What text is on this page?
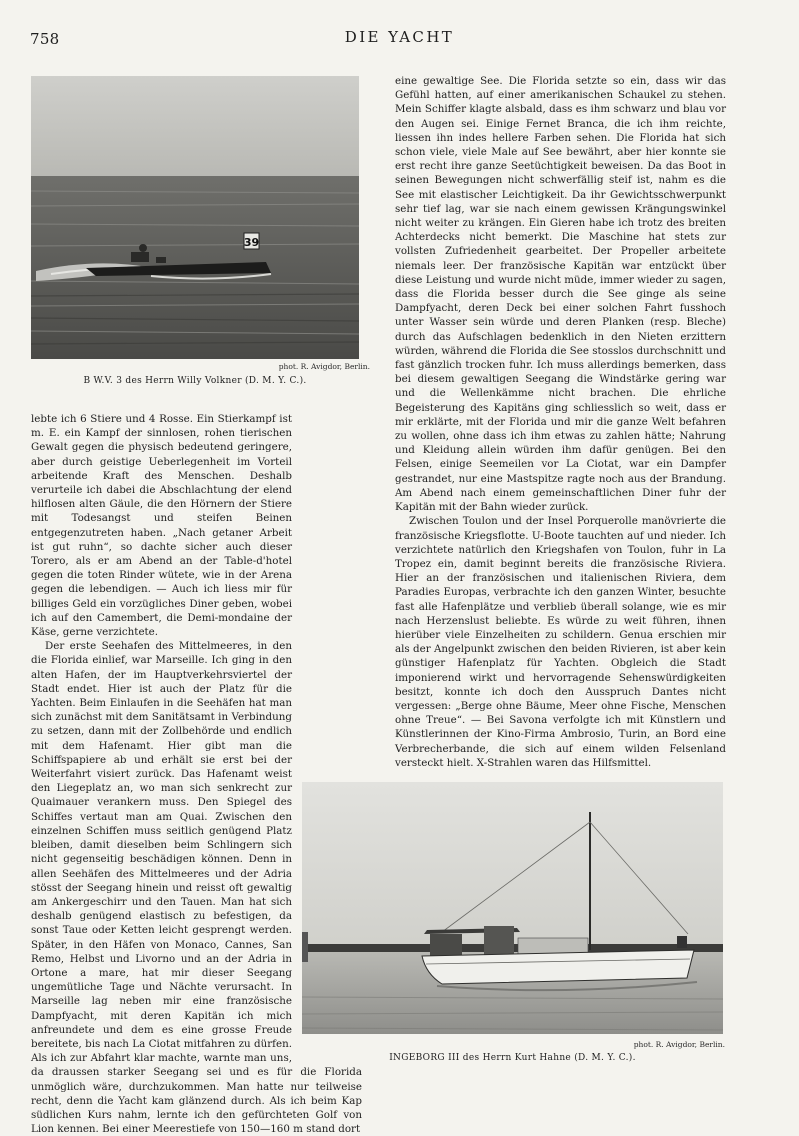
758	DIE YACHT
39
phot. R. Avigdor, Berlin.
B W.V. 3 des Herrn Willy Volkner (D. M. Y. C.).

lebte ich 6 Stiere und 4 Rosse. Ein Stierkampf ist m. E. ein Kampf der sinnlosen, rohen tierischen Gewalt gegen die physisch bedeutend geringere, aber durch geistige Ueberlegenheit im Vorteil arbeitende Kraft des Menschen. Deshalb verurteile ich dabei die Abschlachtung der elend hilflosen alten Gäule, die den Hörnern der Stiere mit Todesangst und steifen Beinen entgegenzutreten haben. „Nach getaner Arbeit ist gut ruhn“, so dachte sicher auch dieser Torero, als er am Abend an der Table-d'hotel gegen die toten Rinder wütete, wie in der Arena gegen die lebendigen. — Auch ich liess mir für billiges Geld ein vorzügliches Diner geben, wobei ich auf den Camembert, die Demi-mondaine der Käse, gerne verzichtete.

Der erste Seehafen des Mittelmeeres, in den die Florida einlief, war Marseille. Ich ging in den alten Hafen, der im Hauptverkehrsviertel der Stadt endet. Hier ist auch der Platz für die Yachten. Beim Einlaufen in die Seehäfen hat man sich zunächst mit dem Sanitätsamt in Verbindung zu setzen, dann mit der Zollbehörde und endlich mit dem Hafenamt. Hier gibt man die Schiffspapiere ab und erhält sie erst bei der Weiterfahrt visiert zurück. Das Hafenamt weist den Liegeplatz an, wo man sich senkrecht zur Quaimauer verankern muss. Den Spiegel des Schiffes vertaut man am Quai. Zwischen den einzelnen Schiffen muss seitlich genügend Platz bleiben, damit dieselben beim Schlingern sich nicht gegenseitig beschädigen können. Denn in allen Seehäfen des Mittelmeeres und der Adria stösst der Seegang hinein und reisst oft gewaltig am Ankergeschirr und den Tauen. Man hat sich deshalb genügend elastisch zu befestigen, da sonst Taue oder Ketten leicht gesprengt werden. Später, in den Häfen von Monaco, Cannes, San Remo, Helbst und Livorno und an der Adria in Ortone a mare, hat mir dieser Seegang ungemütliche Tage und Nächte verursacht. In Marseille lag neben mir eine französische Dampfyacht, mit deren Kapitän ich mich anfreundete und dem es eine grosse Freude bereitete, bis nach La Ciotat mitfahren zu dürfen. Als ich zur Abfahrt klar machte, warnte man uns, da draussen starker Seegang sei und es für die Florida unmöglich wäre, durchzukommen. Man hatte nur teilweise recht, denn die Yacht kam glänzend durch. Als ich beim Kap südlichen Kurs nahm, lernte ich den gefürchteten Golf von Lion kennen. Bei einer Meerestiefe von 150—160 m stand dort

eine gewaltige See. Die Florida setzte so ein, dass wir das Gefühl hatten, auf einer amerikanischen Schaukel zu stehen. Mein Schiffer klagte alsbald, dass es ihm schwarz und blau vor den Augen sei. Einige Fernet Branca, die ich ihm reichte, liessen ihn indes hellere Farben sehen. Die Florida hat sich schon viele, viele Male auf See bewährt, aber hier konnte sie erst recht ihre ganze Seetüchtigkeit beweisen. Da das Boot in seinen Bewegungen nicht schwerfällig steif ist, nahm es die See mit elastischer Leichtigkeit. Da ihr Gewichtsschwerpunkt sehr tief lag, war sie nach einem gewissen Krängungswinkel nicht weiter zu krängen. Ein Gieren habe ich trotz des breiten Achterdecks nicht bemerkt. Die Maschine hat stets zur vollsten Zufriedenheit gearbeitet. Der Propeller arbeitete niemals leer. Der französische Kapitän war entzückt über diese Leistung und wurde nicht müde, immer wieder zu sagen, dass die Florida besser durch die See ginge als seine Dampfyacht, deren Deck bei einer solchen Fahrt fusshoch unter Wasser sein würde und deren Planken (resp. Bleche) durch das Aufschlagen bedenklich in den Nieten erzittern würden, während die Florida die See stosslos durchschnitt und fast gänzlich trocken fuhr. Ich muss allerdings bemerken, dass bei diesem gewaltigen Seegang die Windstärke gering war und die Wellenkämme nicht brachen. Die ehrliche Begeisterung des Kapitäns ging schliesslich so weit, dass er mir erklärte, mit der Florida und mir die ganze Welt befahren zu wollen, ohne dass ich ihm etwas zu zahlen hätte; Nahrung und Kleidung allein würden ihm dafür genügen. Bei den Felsen, einige Seemeilen vor La Ciotat, war ein Dampfer gestrandet, nur eine Mastspitze ragte noch aus der Brandung. Am Abend nach einem gemeinschaftlichen Diner fuhr der Kapitän mit der Bahn wieder zurück.

Zwischen Toulon und der Insel Porquerolle manövrierte die französische Kriegsflotte. U-Boote tauchten auf und nieder. Ich verzichtete natürlich den Kriegshafen von Toulon, fuhr in La Tropez ein, damit beginnt bereits die französische Riviera. Hier an der französischen und italienischen Riviera, dem Paradies Europas, verbrachte ich den ganzen Winter, besuchte fast alle Hafenplätze und verblieb überall solange, wie es mir nach Herzenslust beliebte. Es würde zu weit führen, ihnen hierüber viele Einzelheiten zu schildern. Genua erschien mir als der Angelpunkt zwischen den beiden Rivieren, ist aber kein günstiger Hafenplatz für Yachten. Obgleich die Stadt imponierend wirkt und hervorragende Sehenswürdigkeiten besitzt, konnte ich doch den Ausspruch Dantes nicht vergessen: „Berge ohne Bäume, Meer ohne Fische, Menschen ohne Treue“. — Bei Savona verfolgte ich mit Künstlern und Künstlerinnen der Kino-Firma Ambrosio, Turin, an Bord eine Verbrecherbande, die sich auf einem wilden Felsenland versteckt hielt. X-Strahlen waren das Hilfsmittel.

phot. R. Avigdor, Berlin.
INGEBORG III des Herrn Kurt Hahne (D. M. Y. C.).
